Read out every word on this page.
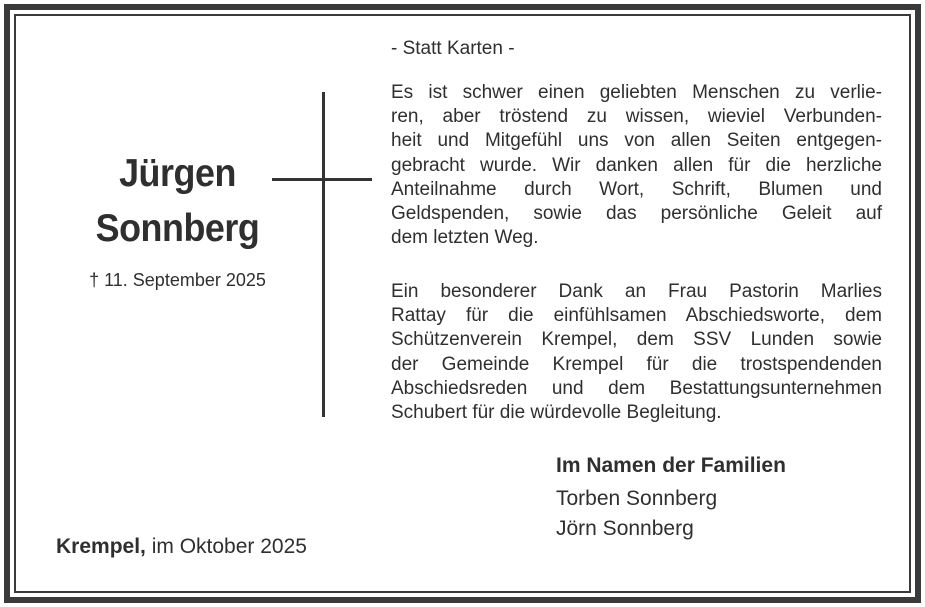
Jürgen
Sonnberg
† 11. September 2025
- Statt Karten -
Es ist schwer einen geliebten Menschen zu verlie-
ren, aber tröstend zu wissen, wieviel Verbunden-
heit und Mitgefühl uns von allen Seiten entgegen-
gebracht wurde. Wir danken allen für die herzliche
Anteilnahme durch Wort, Schrift, Blumen und
Geldspenden, sowie das persönliche Geleit auf
dem letzten Weg.
Ein besonderer Dank an Frau Pastorin Marlies
Rattay für die einfühlsamen Abschiedsworte, dem
Schützenverein Krempel, dem SSV Lunden sowie
der Gemeinde Krempel für die trostspendenden
Abschiedsreden und dem Bestattungsunternehmen
Schubert für die würdevolle Begleitung.
Im Namen der Familien
Torben Sonnberg
Jörn Sonnberg
Krempel, im Oktober 2025
